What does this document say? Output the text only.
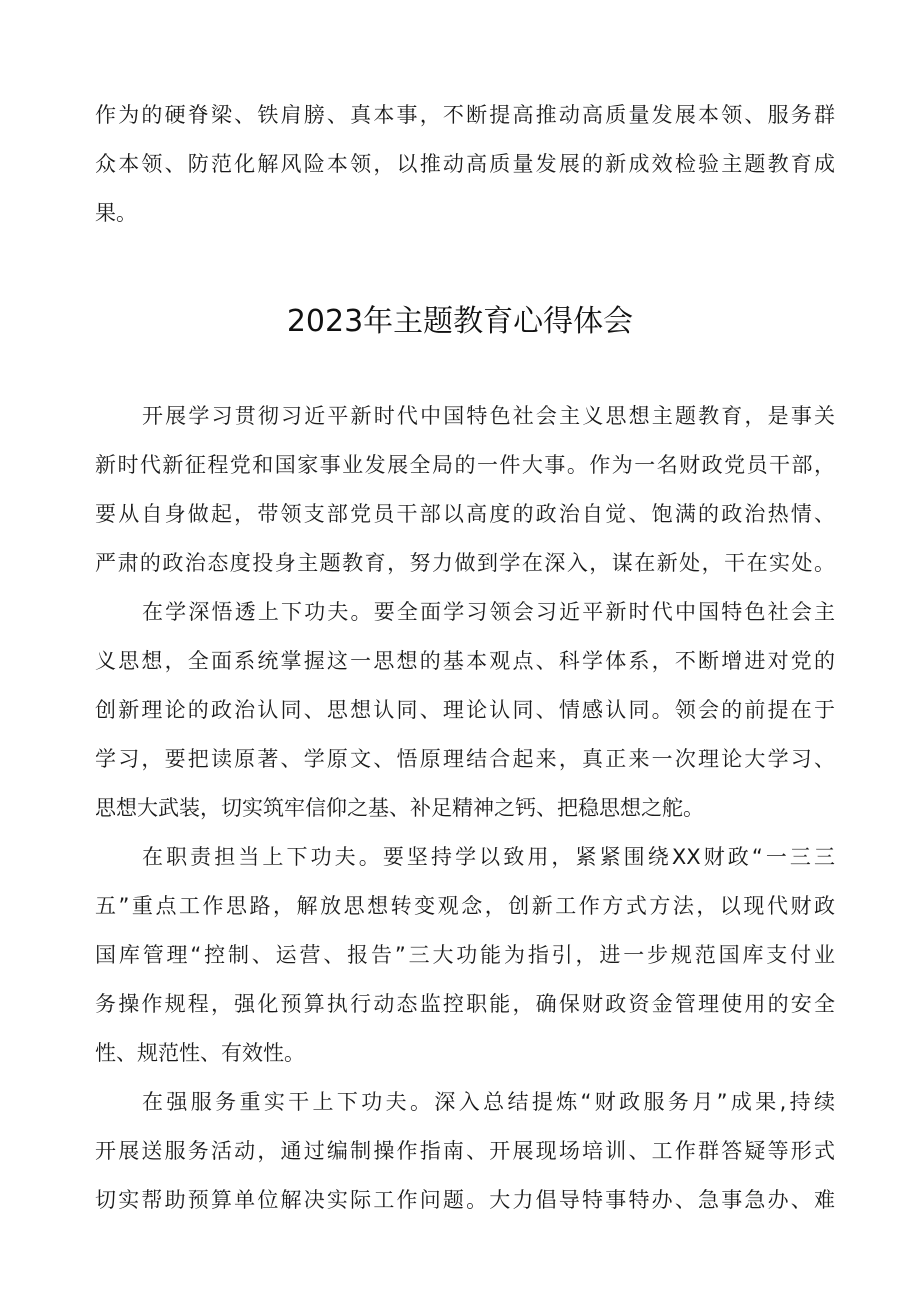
作为的硬脊梁、铁肩膀、真本事，不断提高推动高质量发展本领、服务群
众本领、防范化解风险本领，以推动高质量发展的新成效检验主题教育成
果。
2023年主题教育心得体会
开展学习贯彻习近平新时代中国特色社会主义思想主题教育，是事关
新时代新征程党和国家事业发展全局的一件大事。作为一名财政党员干部，
要从自身做起，带领支部党员干部以高度的政治自觉、饱满的政治热情、
严肃的政治态度投身主题教育，努力做到学在深入，谋在新处，干在实处。
在学深悟透上下功夫。要全面学习领会习近平新时代中国特色社会主
义思想，全面系统掌握这一思想的基本观点、科学体系，不断增进对党的
创新理论的政治认同、思想认同、理论认同、情感认同。领会的前提在于
学习，要把读原著、学原文、悟原理结合起来，真正来一次理论大学习、
思想大武装，切实筑牢信仰之基、补足精神之钙、把稳思想之舵。
在职责担当上下功夫。要坚持学以致用，紧紧围绕XX财政“一三三
五”重点工作思路，解放思想转变观念，创新工作方式方法，以现代财政
国库管理“控制、运营、报告”三大功能为指引，进一步规范国库支付业
务操作规程，强化预算执行动态监控职能，确保财政资金管理使用的安全
性、规范性、有效性。
在强服务重实干上下功夫。深入总结提炼“财政服务月”成果,持续
开展送服务活动，通过编制操作指南、开展现场培训、工作群答疑等形式
切实帮助预算单位解决实际工作问题。大力倡导特事特办、急事急办、难
